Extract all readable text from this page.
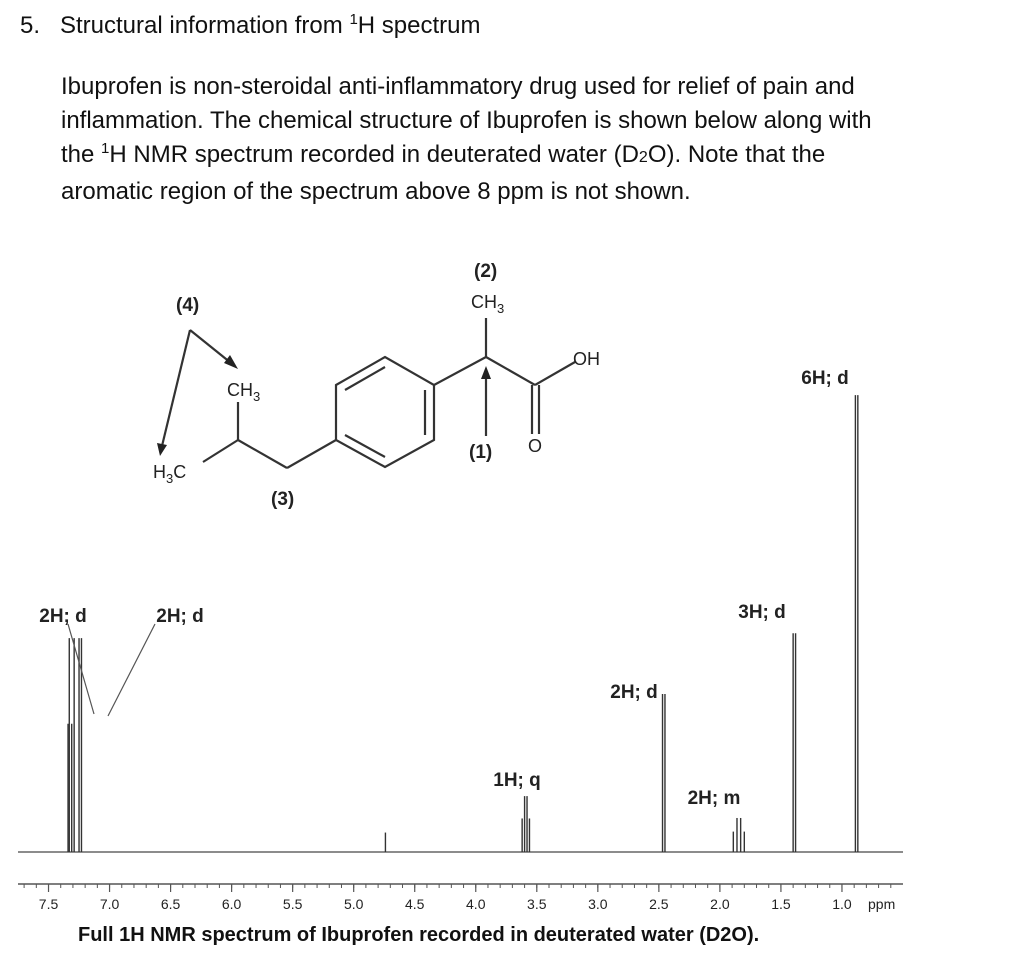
5. Structural information from $^1$H spectrum

Ibuprofen is non-steroidal anti-inflammatory drug used for relief of pain and

inflammation. The chemical structure of Ibuprofen is shown below along with

the $^1$H NMR spectrum recorded in deuterated water (D2O). Note that the

aromatic region of the spectrum above 8 ppm is not shown.

(4)
(2)
(1)
(3)
$CH_3$
$CH_3$
$H_3C$
OH
O
7.5	7.0	6.5	6.0	5.5	5.0	4.5	4.0	3.5	3.0	2.5	2.0	1.5	1.0 ppm
2H; d	2H; d
1H; q
2H; d
2H; m
3H; d
6H; d
Full 1H NMR spectrum of Ibuprofen recorded in deuterated water (D2O).
